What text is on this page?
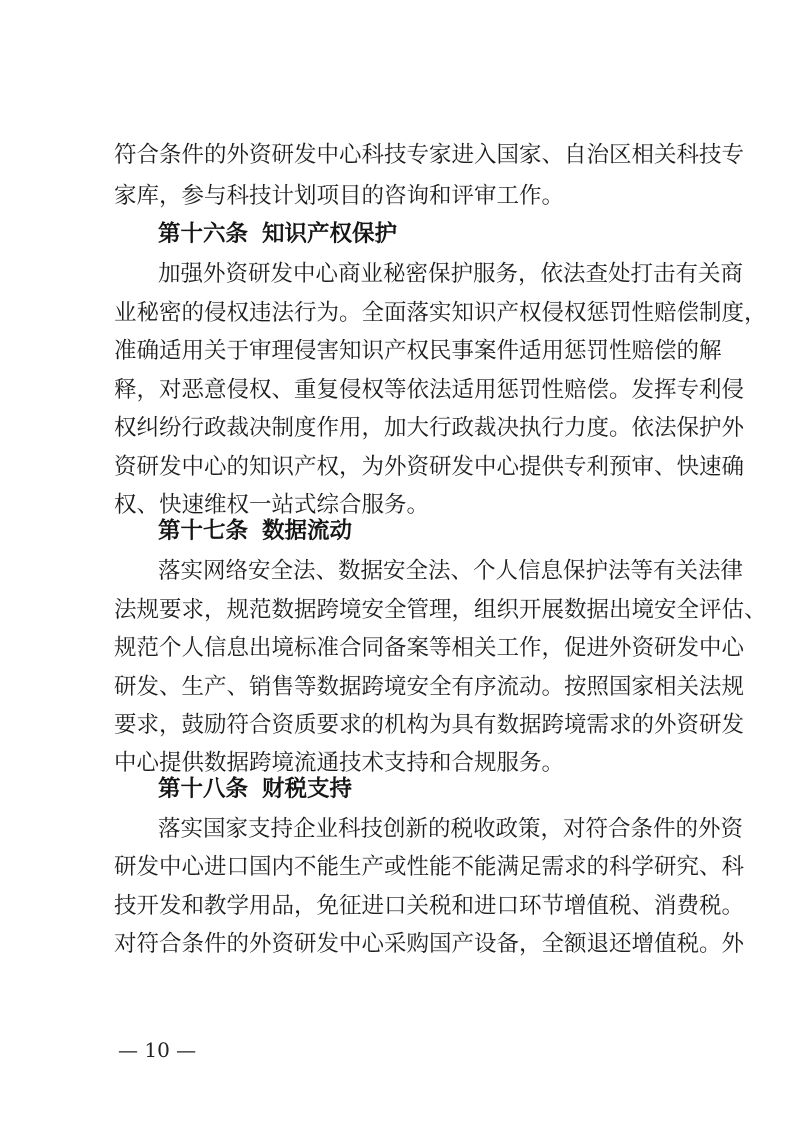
符合条件的外资研发中心科技专家进入国家、自治区相关科技专
家库，参与科技计划项目的咨询和评审工作。
第十六条 知识产权保护
加强外资研发中心商业秘密保护服务，依法查处打击有关商
业秘密的侵权违法行为。全面落实知识产权侵权惩罚性赔偿制度，
准确适用关于审理侵害知识产权民事案件适用惩罚性赔偿的解
释，对恶意侵权、重复侵权等依法适用惩罚性赔偿。发挥专利侵
权纠纷行政裁决制度作用，加大行政裁决执行力度。依法保护外
资研发中心的知识产权，为外资研发中心提供专利预审、快速确
权、快速维权一站式综合服务。
第十七条 数据流动
落实网络安全法、数据安全法、个人信息保护法等有关法律
法规要求，规范数据跨境安全管理，组织开展数据出境安全评估、
规范个人信息出境标准合同备案等相关工作，促进外资研发中心
研发、生产、销售等数据跨境安全有序流动。按照国家相关法规
要求，鼓励符合资质要求的机构为具有数据跨境需求的外资研发
中心提供数据跨境流通技术支持和合规服务。
第十八条 财税支持
落实国家支持企业科技创新的税收政策，对符合条件的外资
研发中心进口国内不能生产或性能不能满足需求的科学研究、科
技开发和教学用品，免征进口关税和进口环节增值税、消费税。
对符合条件的外资研发中心采购国产设备，全额退还增值税。外
— 10 —
